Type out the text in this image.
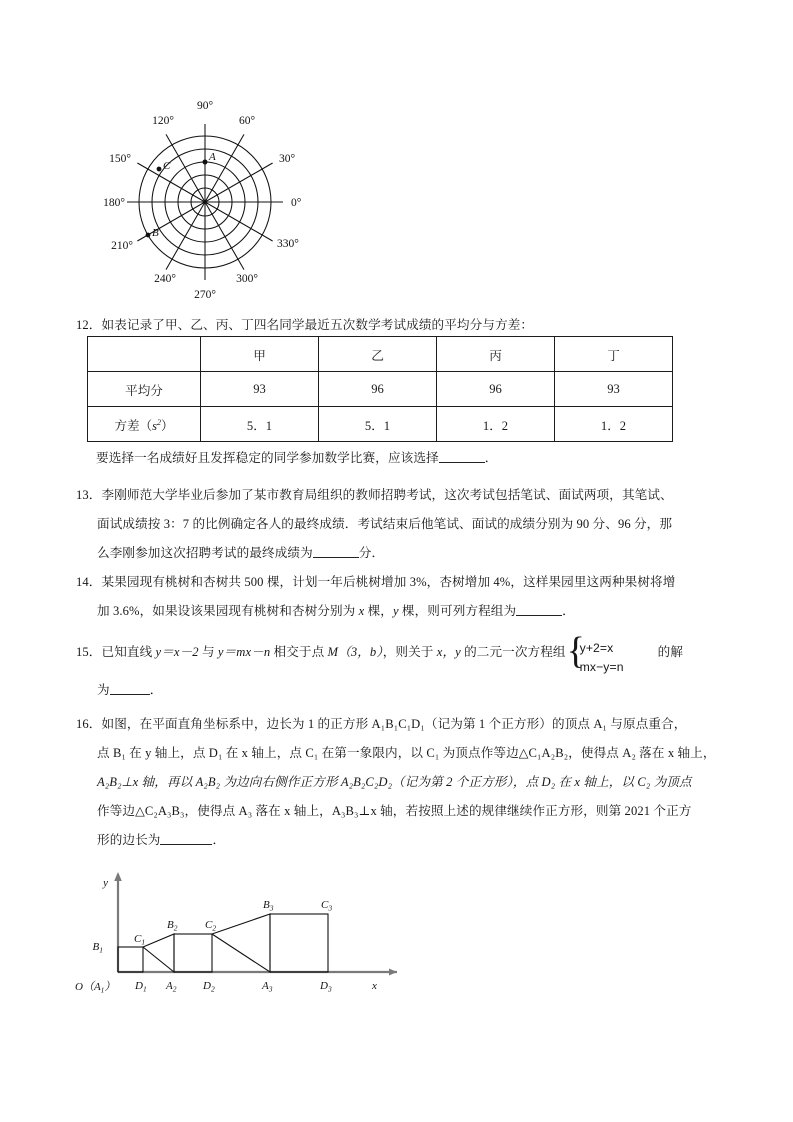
A
C
B
0°
30°
60°
90°
120°
150°
180°
210°
240°
270°
300°
330°
12．如表记录了甲、乙、丙、丁四名同学最近五次数学考试成绩的平均分与方差：
	甲	乙	丙	丁
平均分	93	96	96	93
方差$(s^2)$	5．1	5．1	1．2	1．2
要选择一名成绩好且发挥稳定的同学参加数学比赛，应该选择	．
13．李刚师范大学毕业后参加了某市教育局组织的教师招聘考试，这次考试包括笔试、面试两项，其笔试、
面试成绩按 3：7 的比例确定各人的最终成绩．考试结束后他笔试、面试的成绩分别为 90 分、96 分，那
么李刚参加这次招聘考试的最终成绩为	分．
14．某果园现有桃树和杏树共 500 棵，计划一年后桃树增加 3%，杏树增加 4%，这样果园里这两种果树将增
加 3.6%，如果设该果园现有桃树和杏树分别为 x 棵，y 棵，则可列方程组为	．
15．已知直线 y＝x－2 与 y＝mx－n 相交于点 M（3，b），则关于 x，y 的二元一次方程组 {
y+2=x
mx−y=n
的解
为	．
16．如图，在平面直角坐标系中，边长为 1 的正方形 A₁B₁C₁D₁（记为第 1 个正方形）的顶点 A₁ 与原点重合，
点 B₁ 在 y 轴上，点 D₁ 在 x 轴上，点 C₁ 在第一象限内，以 C₁ 为顶点作等边△C₁A₂B₂，使得点 A₂ 落在 x 轴上，
A₂B₂⊥x 轴，再以 A₂B₂ 为边向右侧作正方形 A₂B₂C₂D₂（记为第 2 个正方形），点 D₂ 在 x 轴上，以 C₂ 为顶点
作等边△C₂A₃B₃，使得点 A₃ 落在 x 轴上，A₃B₃⊥x 轴，若按照上述的规律继续作正方形，则第 2021 个正方
形的边长为	．
$B_1$
$C_1$
$D_1$ $A_2$
$B_2$	$C_2$
$D_2$	$A_3$
$B_3$	$C_3$
$D_3$
$O(A_1)$	x
y
